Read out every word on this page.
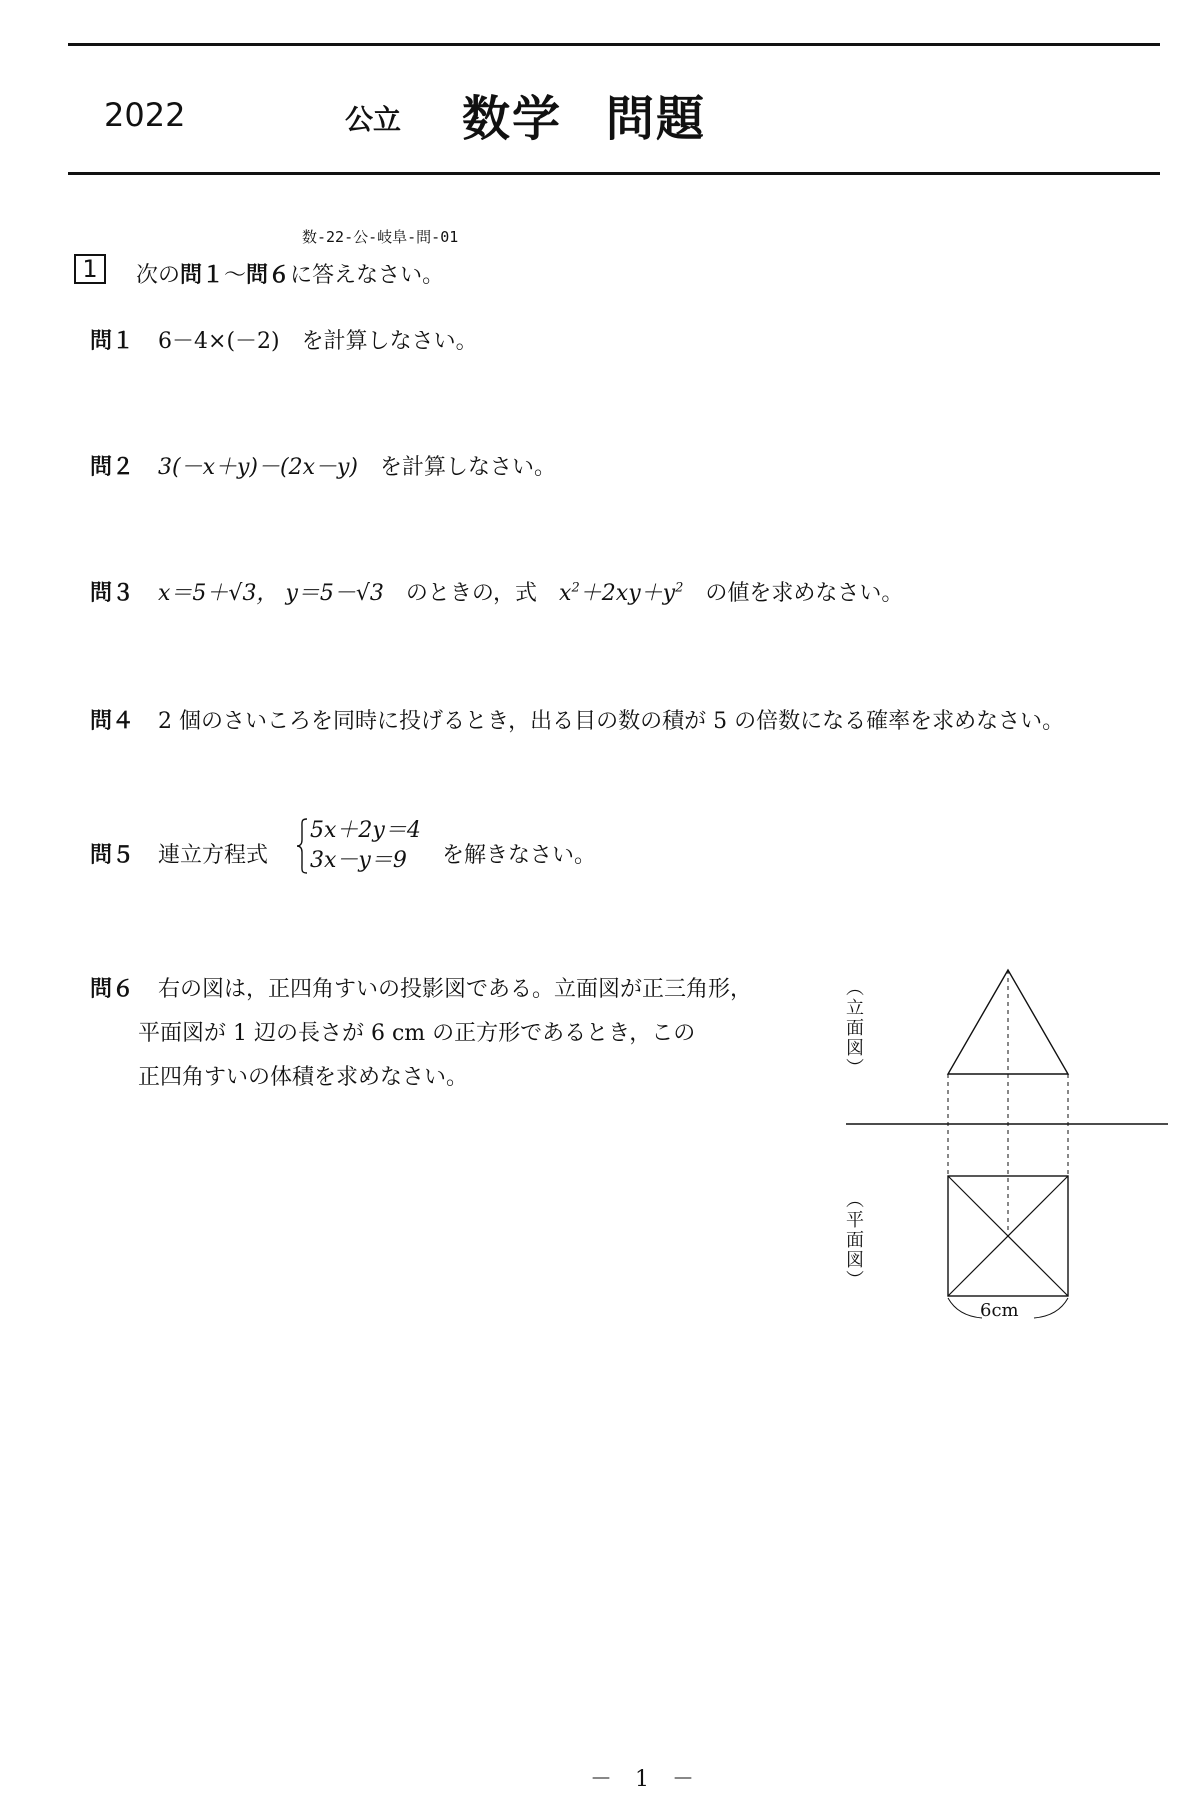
2022	公立 数学 問題
数-22-公-岐阜-問-01
1	次の問１～問６に答えなさい。
問１ 6－4×(－2)　を計算しなさい。
問２ 3(－x＋y)－(2x－y)　 を計算しなさい。
問３ x＝5＋√3， y＝5－√3　 のときの，式　 $x^2+2xy+y^2$　 の値を求めなさい。
問４ 2 個のさいころを同時に投げるとき，出る目の数の積が 5 の倍数になる確率を求めなさい。
問５ 連立方程式	を解きなさい。
5x＋2y＝4
3x－y＝9
問６ 右の図は，正四角すいの投影図である。立面図が正三角形，
平面図が 1 辺の長さが 6 cm の正方形であるとき，この
正四角すいの体積を求めなさい。	（立面図）
（平面図）
6cm
－ 1 －
